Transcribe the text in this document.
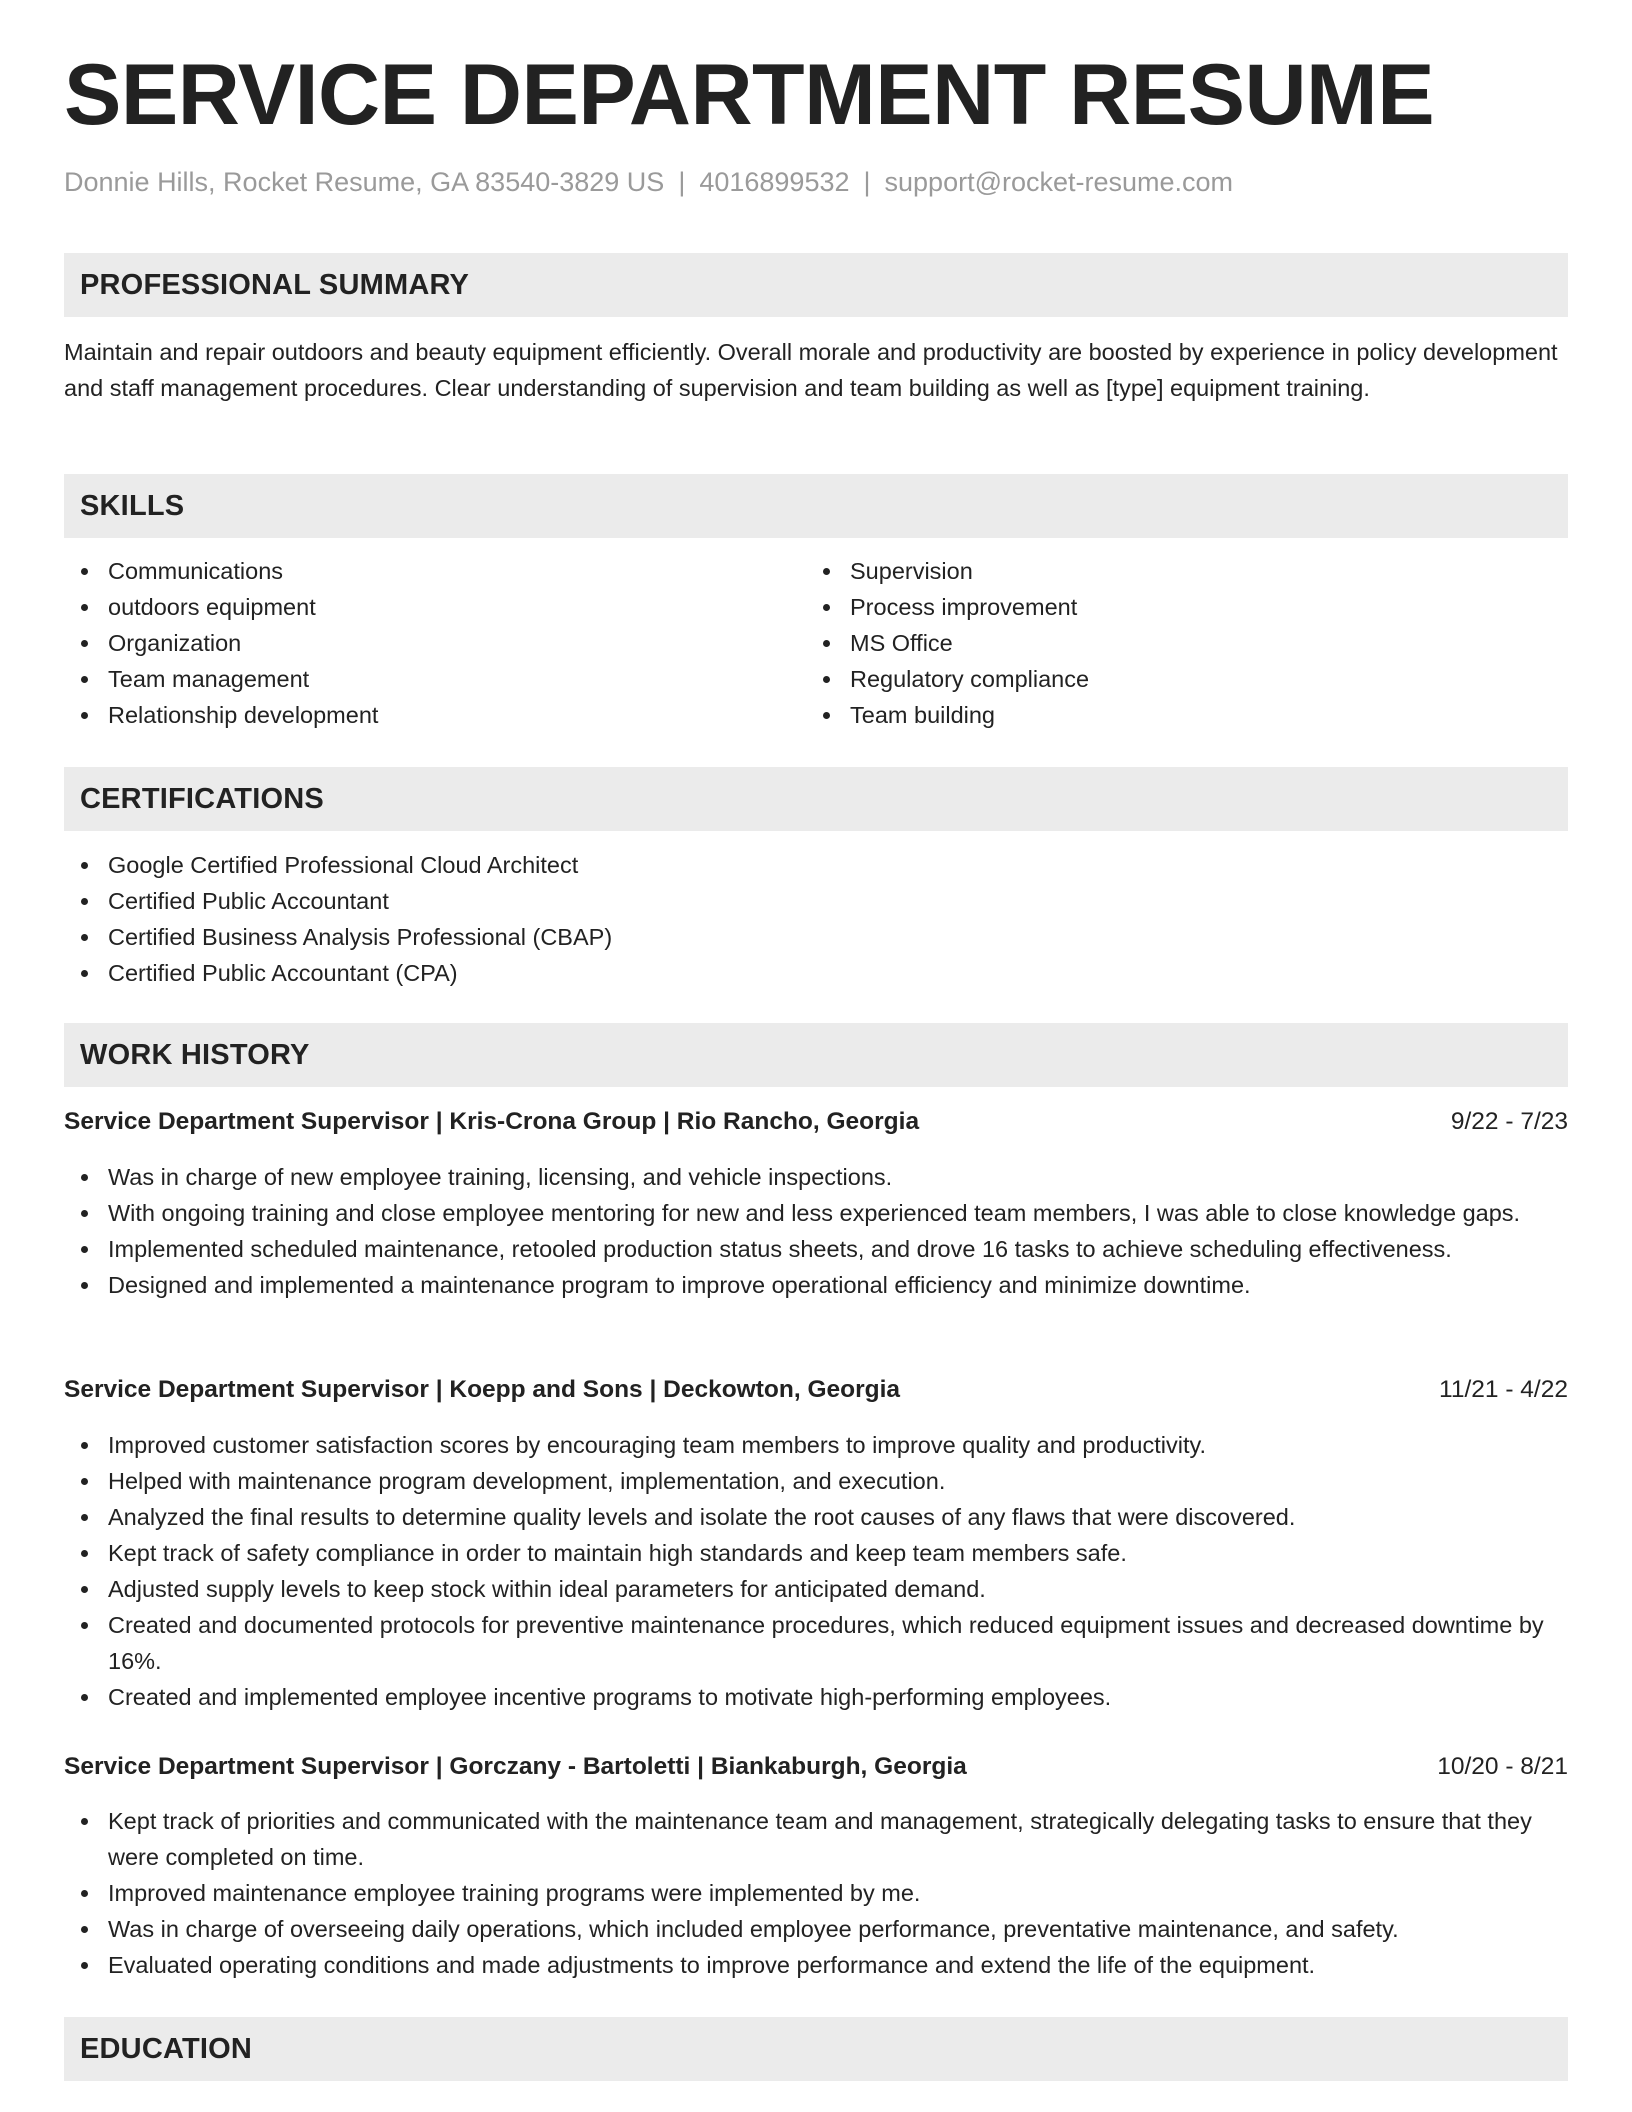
SERVICE DEPARTMENT RESUME
Donnie Hills, Rocket Resume, GA 83540-3829 US | 4016899532 | support@rocket-resume.com
PROFESSIONAL SUMMARY
Maintain and repair outdoors and beauty equipment efficiently. Overall morale and productivity are boosted by experience in policy development and staff management procedures. Clear understanding of supervision and team building as well as [type] equipment training.
SKILLS
Communications
outdoors equipment
Organization
Team management
Relationship development
Supervision
Process improvement
MS Office
Regulatory compliance
Team building
CERTIFICATIONS
Google Certified Professional Cloud Architect
Certified Public Accountant
Certified Business Analysis Professional (CBAP)
Certified Public Accountant (CPA)
WORK HISTORY
Service Department Supervisor | Kris-Crona Group | Rio Rancho, Georgia	9/22 - 7/23
Was in charge of new employee training, licensing, and vehicle inspections.
With ongoing training and close employee mentoring for new and less experienced team members, I was able to close knowledge gaps.
Implemented scheduled maintenance, retooled production status sheets, and drove 16 tasks to achieve scheduling effectiveness.
Designed and implemented a maintenance program to improve operational efficiency and minimize downtime.
Service Department Supervisor | Koepp and Sons | Deckowton, Georgia	11/21 - 4/22
Improved customer satisfaction scores by encouraging team members to improve quality and productivity.
Helped with maintenance program development, implementation, and execution.
Analyzed the final results to determine quality levels and isolate the root causes of any flaws that were discovered.
Kept track of safety compliance in order to maintain high standards and keep team members safe.
Adjusted supply levels to keep stock within ideal parameters for anticipated demand.
Created and documented protocols for preventive maintenance procedures, which reduced equipment issues and decreased downtime by 16%.
Created and implemented employee incentive programs to motivate high-performing employees.
Service Department Supervisor | Gorczany - Bartoletti | Biankaburgh, Georgia	10/20 - 8/21
Kept track of priorities and communicated with the maintenance team and management, strategically delegating tasks to ensure that they were completed on time.
Improved maintenance employee training programs were implemented by me.
Was in charge of overseeing daily operations, which included employee performance, preventative maintenance, and safety.
Evaluated operating conditions and made adjustments to improve performance and extend the life of the equipment.
EDUCATION
